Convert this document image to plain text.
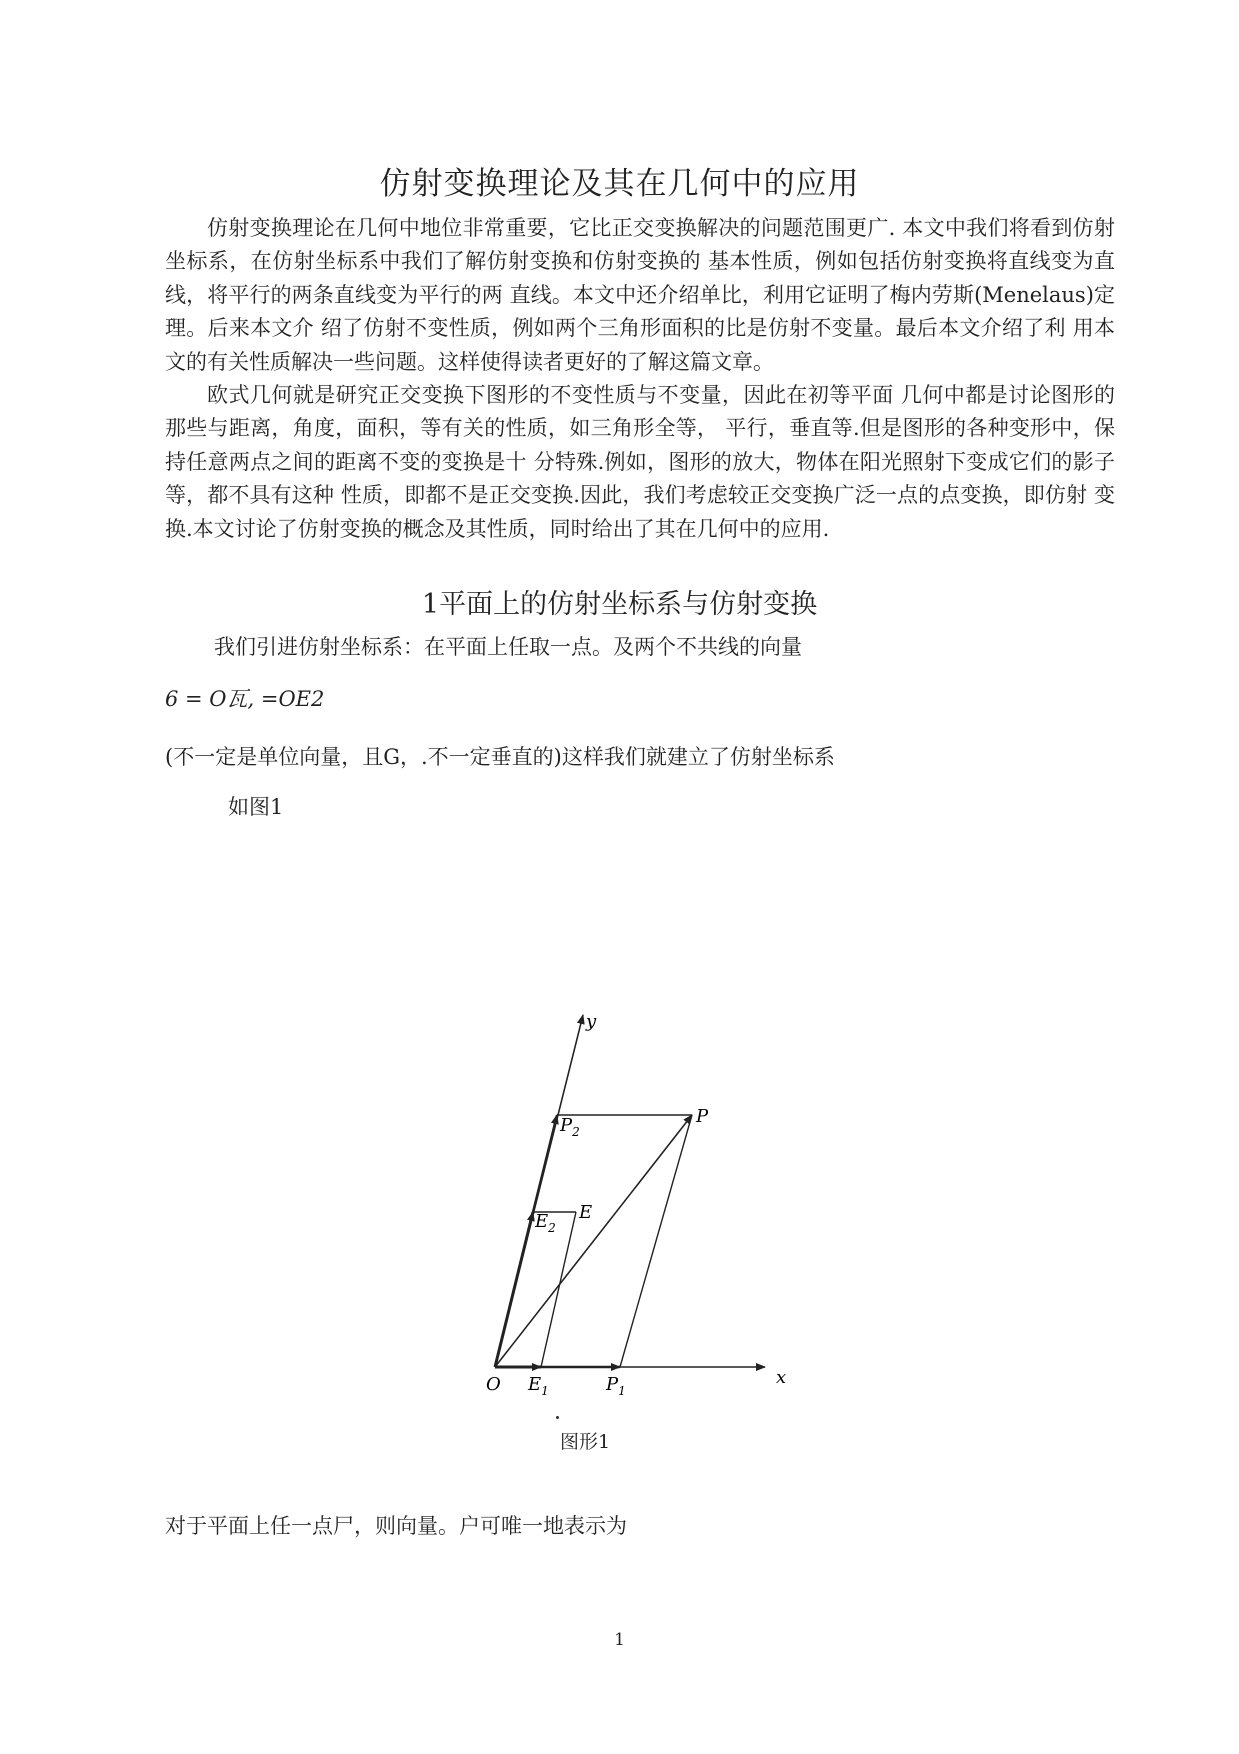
仿射变换理论及其在几何中的应用

仿射变换理论在几何中地位非常重要，它比正交变换解决的问题范围更广. 本文中我们将看到仿射坐标系，在仿射坐标系中我们了解仿射变换和仿射变换的 基本性质，例如包括仿射变换将直线变为直线，将平行的两条直线变为平行的两 直线。本文中还介绍单比，利用它证明了梅内劳斯(Menelaus)定理。后来本文介 绍了仿射不变性质，例如两个三角形面积的比是仿射不变量。最后本文介绍了利 用本文的有关性质解决一些问题。这样使得读者更好的了解这篇文章。

欧式几何就是研究正交变换下图形的不变性质与不变量，因此在初等平面 几何中都是讨论图形的那些与距离，角度，面积，等有关的性质，如三角形全等， 平行，垂直等.但是图形的各种变形中，保持任意两点之间的距离不变的变换是十 分特殊.例如，图形的放大，物体在阳光照射下变成它们的影子等，都不具有这种 性质，即都不是正交变换.因此，我们考虑较正交变换广泛一点的点变换，即仿射 变换.本文讨论了仿射变换的概念及其性质，同时给出了其在几何中的应用.

1平面上的仿射坐标系与仿射变换
我们引进仿射坐标系：在平面上任取一点。及两个不共线的向量
6 = O瓦, =OE2
(不一定是单位向量，且G，.不一定垂直的)这样我们就建立了仿射坐标系
如图1
y
x
O $E_1$	$P_1$
$E_2$
$P_2$
E
P
图形1
对于平面上任一点尸，则向量。户可唯一地表示为
1
